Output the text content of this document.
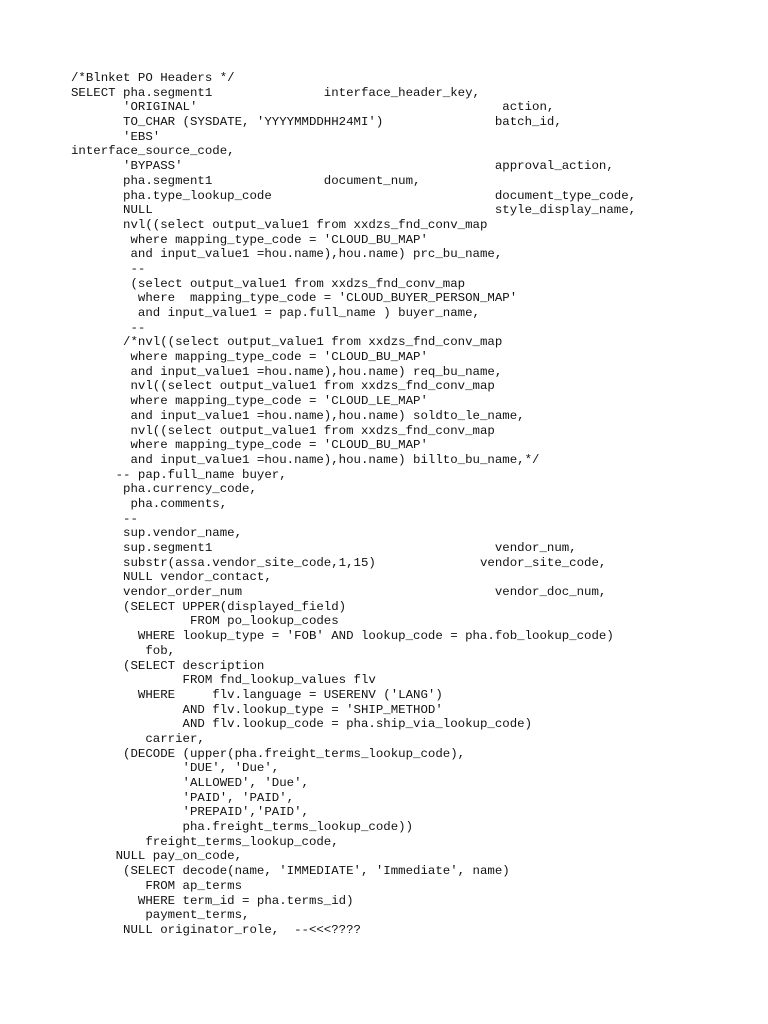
/*Blnket PO Headers */
SELECT pha.segment1               interface_header_key,
'ORIGINAL'                                         action,
TO_CHAR (SYSDATE, 'YYYYMMDDHH24MI')               batch_id,
'EBS'
interface_source_code,
'BYPASS'                                          approval_action,
pha.segment1               document_num,
pha.type_lookup_code                              document_type_code,
NULL                                              style_display_name,
nvl((select output_value1 from xxdzs_fnd_conv_map
where mapping_type_code = 'CLOUD_BU_MAP'
and input_value1 =hou.name),hou.name) prc_bu_name,
--
(select output_value1 from xxdzs_fnd_conv_map
where  mapping_type_code = 'CLOUD_BUYER_PERSON_MAP'
and input_value1 = pap.full_name ) buyer_name,
--
/*nvl((select output_value1 from xxdzs_fnd_conv_map
where mapping_type_code = 'CLOUD_BU_MAP'
and input_value1 =hou.name),hou.name) req_bu_name,
nvl((select output_value1 from xxdzs_fnd_conv_map
where mapping_type_code = 'CLOUD_LE_MAP'
and input_value1 =hou.name),hou.name) soldto_le_name,
nvl((select output_value1 from xxdzs_fnd_conv_map
where mapping_type_code = 'CLOUD_BU_MAP'
and input_value1 =hou.name),hou.name) billto_bu_name,*/
-- pap.full_name buyer,
pha.currency_code,
pha.comments,
--
sup.vendor_name,
sup.segment1                                      vendor_num,
substr(assa.vendor_site_code,1,15)              vendor_site_code,
NULL vendor_contact,
vendor_order_num                                  vendor_doc_num,
(SELECT UPPER(displayed_field)
FROM po_lookup_codes
WHERE lookup_type = 'FOB' AND lookup_code = pha.fob_lookup_code)
fob,
(SELECT description
FROM fnd_lookup_values flv
WHERE     flv.language = USERENV ('LANG')
AND flv.lookup_type = 'SHIP_METHOD'
AND flv.lookup_code = pha.ship_via_lookup_code)
carrier,
(DECODE (upper(pha.freight_terms_lookup_code),
'DUE', 'Due',
'ALLOWED', 'Due',
'PAID', 'PAID',
'PREPAID','PAID',
pha.freight_terms_lookup_code))
freight_terms_lookup_code,
NULL pay_on_code,
(SELECT decode(name, 'IMMEDIATE', 'Immediate', name)
FROM ap_terms
WHERE term_id = pha.terms_id)
payment_terms,
NULL originator_role,  --<<<????
